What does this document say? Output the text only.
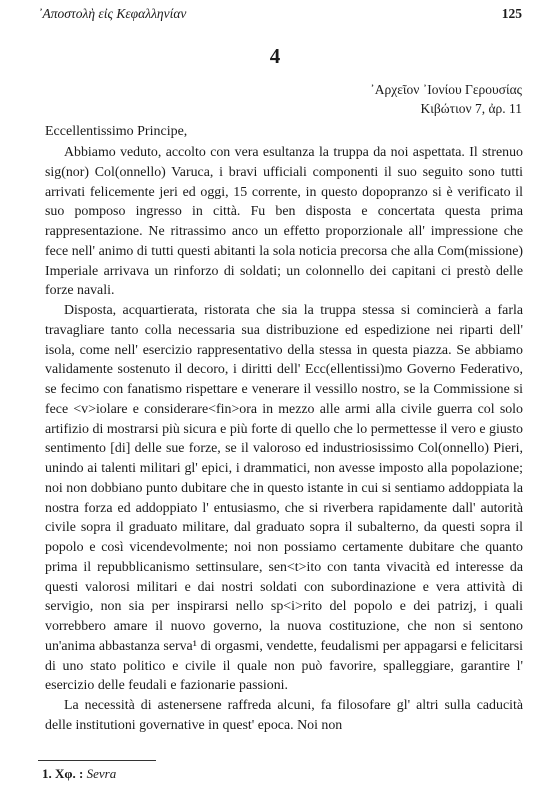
᾿Αποστολὴ εἰς Κεφαλληνίαν	125
4
᾿Αρχεῖον ᾿Ιονίου Γερουσίας
Κιβώτιον 7, ἀρ. 11
Eccellentissimo Principe,

Abbiamo veduto, accolto con vera esultanza la truppa da noi aspettata. Il strenuo sig(nor) Col(onnello) Varuca, i bravi ufficiali componenti il suo seguito sono tutti arrivati felicemente jeri ed oggi, 15 corrente, in questo dopopranzo si è verificato il suo pomposo ingresso in città. Fu ben disposta e concertata questa prima rappresentazione. Ne ritrassimo anco un effetto proporzionale all' impressione che fece nell' animo di tutti questi abitanti la sola noticia precorsa che alla Com(missione) Imperiale arrivava un rinforzo di soldati; un colonnello dei capitani ci prestò delle forze navali.

Disposta, acquartierata, ristorata che sia la truppa stessa si comincierà a farla travagliare tanto colla necessaria sua distribuzione ed espedizione nei riparti dell' isola, come nell' esercizio rappresentativo della stessa in questa piazza. Se abbiamo validamente sostenuto il decoro, i diritti dell' Ecc(ellentissi)mo Governo Federativo, se fecimo con fanatismo rispettare e venerare il vessillo nostro, se la Commissione si fece <v>iolare e considerare<fin>ora in mezzo alle armi alla civile guerra col solo artifizio di mostrarsi più sicura e più forte di quello che lo permettesse il vero e giusto sentimento [di] delle sue forze, se il valoroso ed industriosissimo Col(onnello) Pieri, unindo ai talenti militari gl' epici, i drammatici, non avesse imposto alla popolazione; noi non dobbiano punto dubitare che in questo istante in cui si sentiamo addoppiata la nostra forza ed addoppiato l' entusiasmo, che si riverbera rapidamente dall' autorità civile sopra il graduato militare, dal graduato sopra il subalterno, da questi sopra il popolo e così vicendevolmente; noi non possiamo certamente dubitare che quanto prima il repubblicanismo settinsulare, sen<t>ito con tanta vivacità ed interesse da questi valorosi militari e dai nostri soldati con subordinazione e vera attività di servigio, non sia per inspirarsi nello sp<i>rito del popolo e dei patrizj, i quali vorrebbero amare il nuovo governo, la nuova costituzione, che non si sentono un'anima abbastanza serva¹ di orgasmi, vendette, feudalismi per appagarsi e felicitarsi di uno stato politico e civile il quale non può favorire, spalleggiare, garantire l' esercizio delle feudali e fazionarie passioni.

La necessità di astenersene raffreda alcuni, fa filosofare gl' altri sulla caducità delle institutioni governative in quest' epoca. Noi non

1. Χφ. : Sevra
